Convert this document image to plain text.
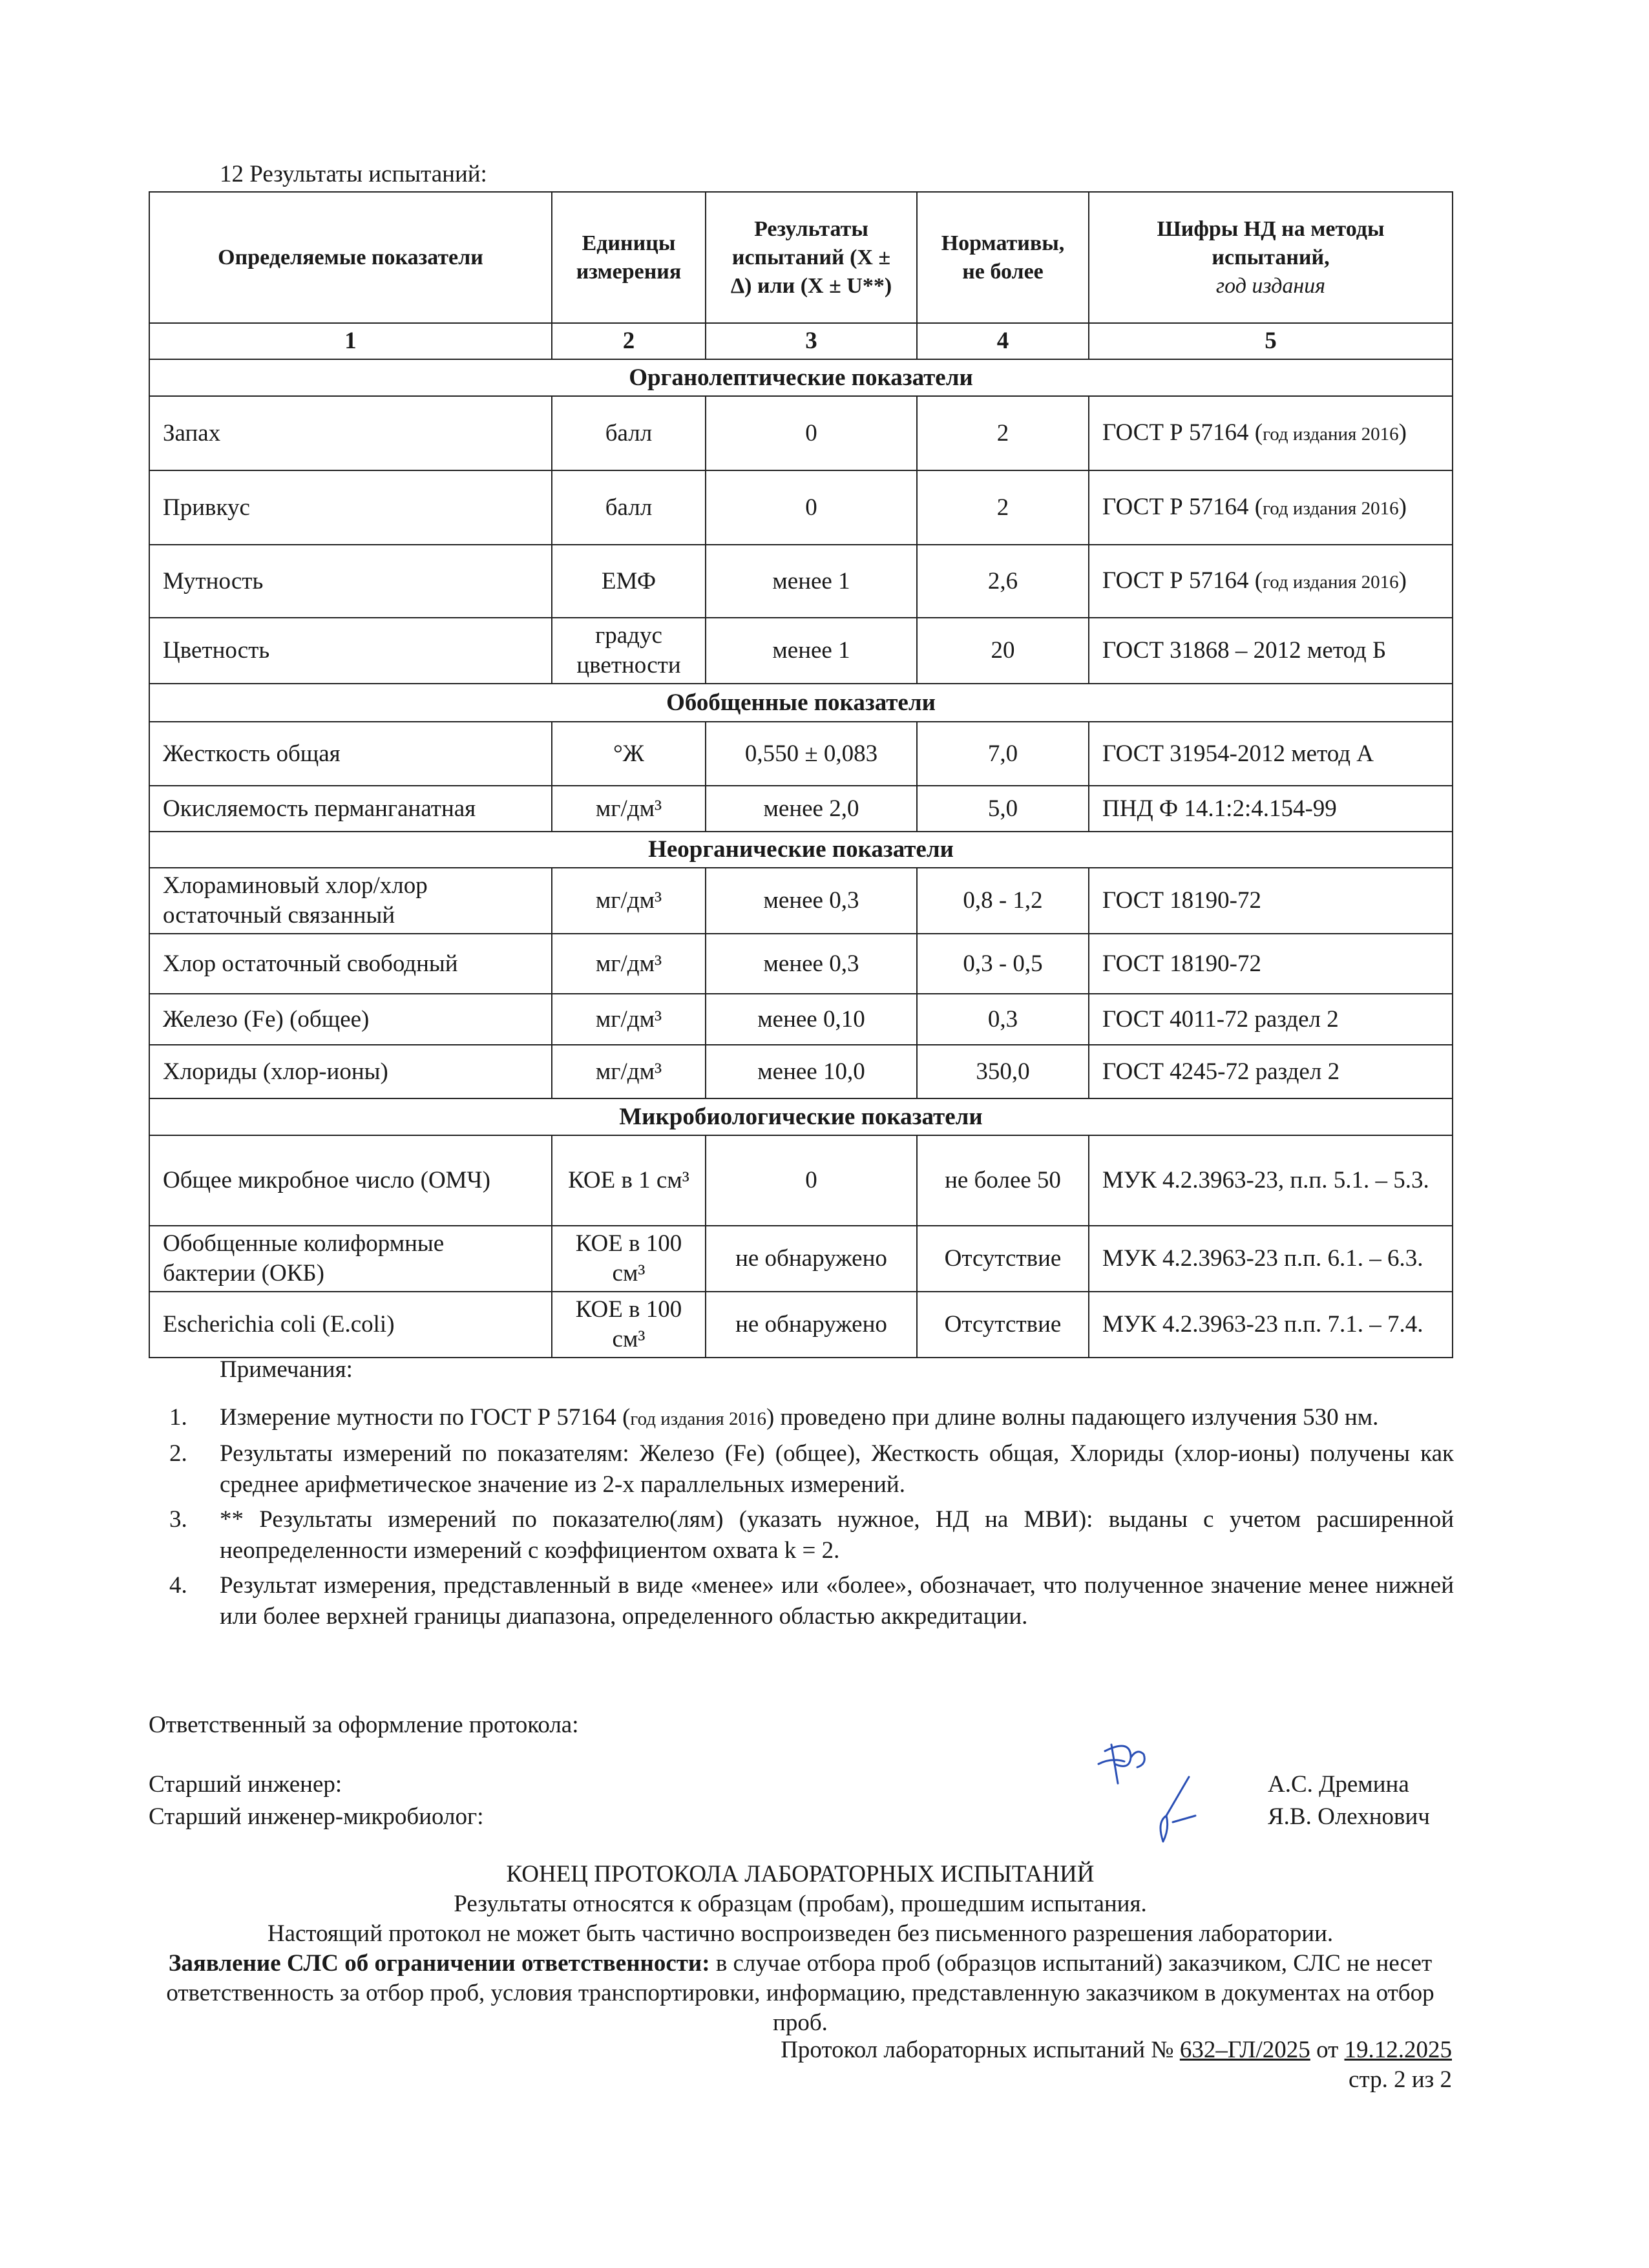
12 Результаты испытаний:
Определяемые показатели	Единицы измерения	Результаты испытаний (X ± Δ) или (X ± U**)	Нормативы, не более	Шифры НД на методы испытаний,
год издания
1	2	3	4	5
Органолептические показатели				
Запах	балл	0	2	ГОСТ Р 57164 (год издания 2016)
Привкус	балл	0	2	ГОСТ Р 57164 (год издания 2016)
Мутность	ЕМФ	менее 1	2,6	ГОСТ Р 57164 (год издания 2016)
Цветность	градус цветности	менее 1	20	ГОСТ 31868 – 2012 метод Б
Обобщенные показатели				
Жесткость общая	°Ж	0,550 ± 0,083	7,0	ГОСТ 31954-2012 метод А
Окисляемость перманганатная	мг/дм³	менее 2,0	5,0	ПНД Ф 14.1:2:4.154-99
Неорганические показатели				
Хлораминовый хлор/хлор остаточный связанный	мг/дм³	менее 0,3	0,8 - 1,2	ГОСТ 18190-72
Хлор остаточный свободный	мг/дм³	менее 0,3	0,3 - 0,5	ГОСТ 18190-72
Железо (Fe) (общее)	мг/дм³	менее 0,10	0,3	ГОСТ 4011-72 раздел 2
Хлориды (хлор-ионы)	мг/дм³	менее 10,0	350,0	ГОСТ 4245-72 раздел 2
Микробиологические показатели				
Общее микробное число (ОМЧ)	КОЕ в 1 см³	0	не более 50	МУК 4.2.3963-23, п.п. 5.1. – 5.3.
Обобщенные колиформные бактерии (ОКБ)	КОЕ в 100 см³	не обнаружено	Отсутствие	МУК 4.2.3963-23 п.п. 6.1. – 6.3.
Escherichia coli (E.coli)	КОЕ в 100 см³	не обнаружено	Отсутствие	МУК 4.2.3963-23 п.п. 7.1. – 7.4.
Примечания:
1. Измерение мутности по ГОСТ Р 57164 (год издания 2016) проведено при длине волны падающего излучения 530 нм.
2. Результаты измерений по показателям: Железо (Fe) (общее), Жесткость общая, Хлориды (хлор-ионы) получены как среднее арифметическое значение из 2-х параллельных измерений.
3. ** Результаты измерений по показателю(лям) (указать нужное, НД на МВИ): выданы с учетом расширенной неопределенности измерений с коэффициентом охвата k = 2.
4. Результат измерения, представленный в виде «менее» или «более», обозначает, что полученное значение менее нижней или более верхней границы диапазона, определенного областью аккредитации.
Ответственный за оформление протокола:
Старший инженер:
Старший инженер-микробиолог:
А.С. Дремина
Я.В. Олехнович
КОНЕЦ ПРОТОКОЛА ЛАБОРАТОРНЫХ ИСПЫТАНИЙ
Результаты относятся к образцам (пробам), прошедшим испытания.
Настоящий протокол не может быть частично воспроизведен без письменного разрешения лаборатории.
Заявление СЛС об ограничении ответственности: в случае отбора проб (образцов испытаний) заказчиком, СЛС не несет ответственность за отбор проб, условия транспортировки, информацию, представленную заказчиком в документах на отбор проб.
Протокол лабораторных испытаний № 632–ГЛ/2025 от 19.12.2025
стр. 2 из 2
